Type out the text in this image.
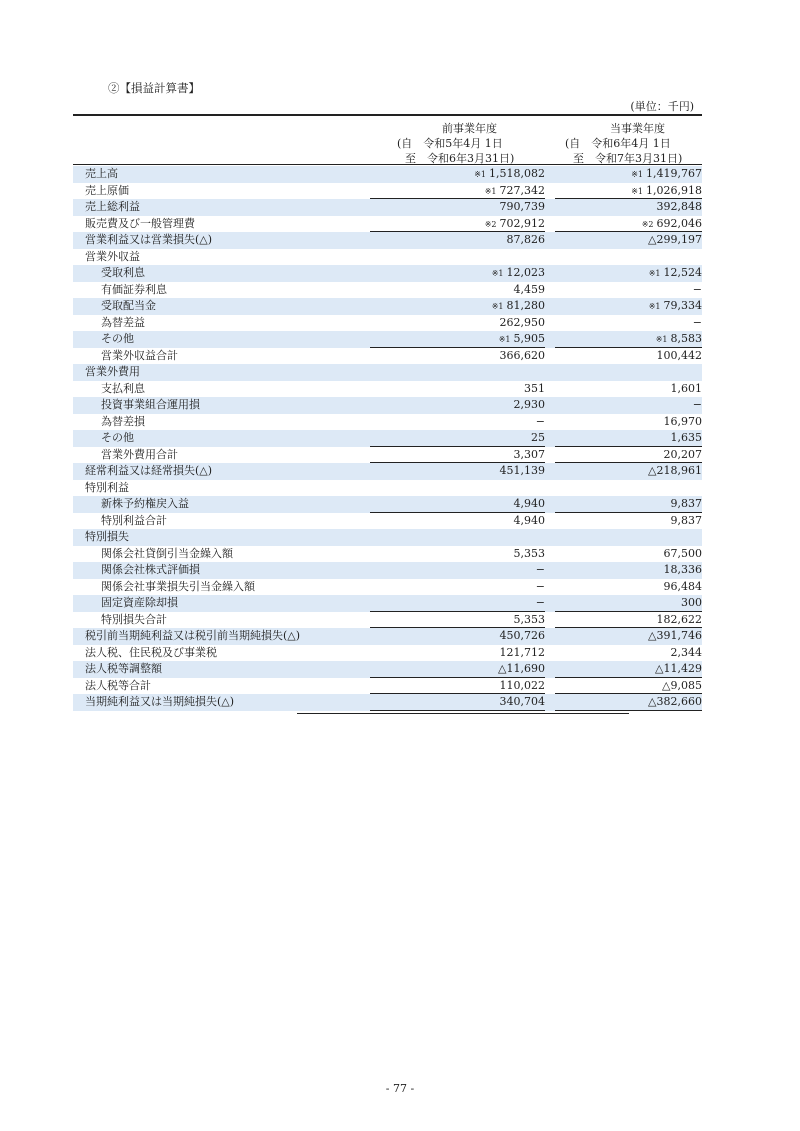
②【損益計算書】
(単位：千円)
前事業年度
(自　令和5年4月 1日
至　令和6年3月31日)
当事業年度
(自　令和6年4月 1日
至　令和7年3月31日)
売上高	※1 1,518,082	※1 1,419,767
売上原価	※1 727,342	※1 1,026,918
売上総利益	790,739	392,848
販売費及び一般管理費	※2 702,912	※2 692,046
営業利益又は営業損失(△)	87,826	△299,197
営業外収益
受取利息	※1 12,023	※1 12,524
有価証券利息	4,459	−
受取配当金	※1 81,280	※1 79,334
為替差益	262,950	−
その他	※1 5,905	※1 8,583
営業外収益合計	366,620	100,442
営業外費用
支払利息	351	1,601
投資事業組合運用損	2,930	−
為替差損	−	16,970
その他	25	1,635
営業外費用合計	3,307	20,207
経常利益又は経常損失(△)	451,139	△218,961
特別利益
新株予約権戻入益	4,940	9,837
特別利益合計	4,940	9,837
特別損失
関係会社貸倒引当金繰入額	5,353	67,500
関係会社株式評価損	−	18,336
関係会社事業損失引当金繰入額	−	96,484
固定資産除却損	−	300
特別損失合計	5,353	182,622
税引前当期純利益又は税引前当期純損失(△)	450,726	△391,746
法人税、住民税及び事業税	121,712	2,344
法人税等調整額	△11,690	△11,429
法人税等合計	110,022	△9,085
当期純利益又は当期純損失(△)	340,704	△382,660
- 77 -
